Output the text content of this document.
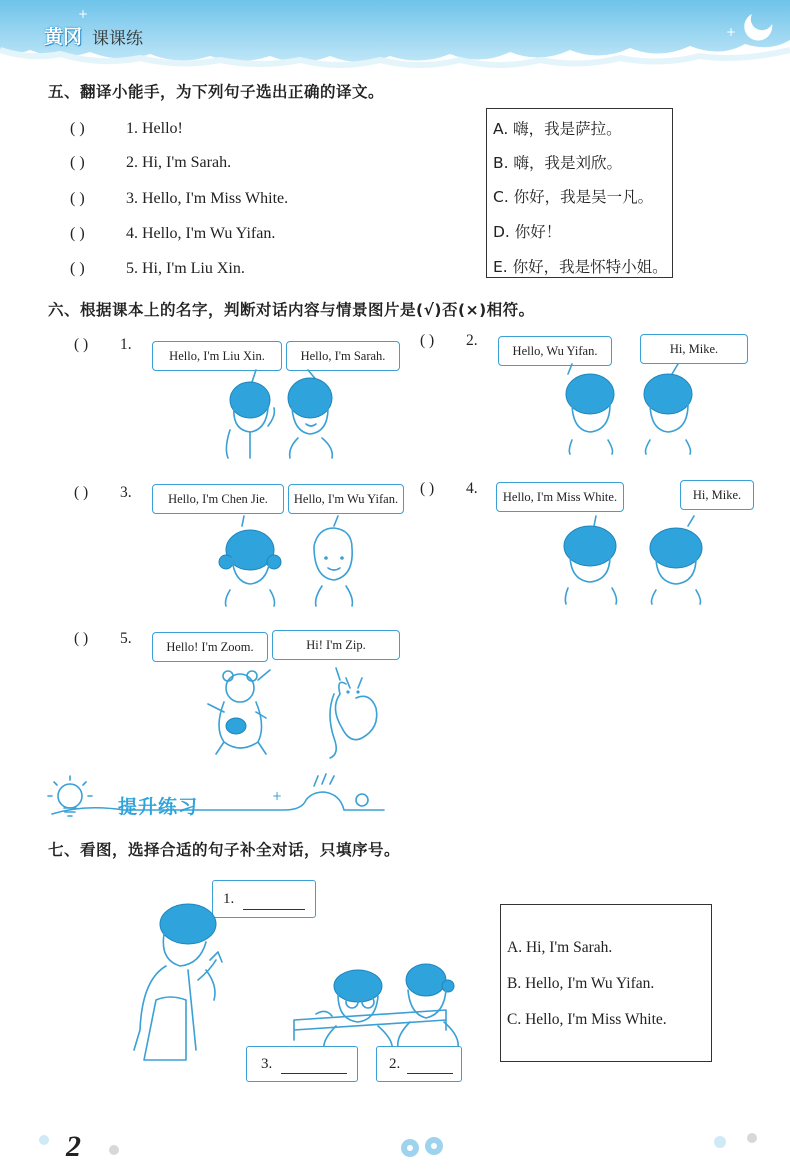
+
+
黄冈 课课练
五、翻译小能手，为下列句子选出正确的译文。
( )	1. Hello!
( )	2. Hi, I'm Sarah.
( )	3. Hello, I'm Miss White.
( )	4. Hello, I'm Wu Yifan.
( )	5. Hi, I'm Liu Xin.
A. 嗨，我是萨拉。
B. 嗨，我是刘欣。
C. 你好，我是吴一凡。
D. 你好！
E. 你好，我是怀特小姐。
六、根据课本上的名字，判断对话内容与情景图片是(√)否(×)相符。
( ) 1.
Hello, I'm Liu Xin.	Hello, I'm Sarah.
( ) 2.
Hello, Wu Yifan.	Hi, Mike.
( ) 3.	Hello, I'm Chen Jie.	Hello, I'm Wu Yifan.
( ) 4.	Hello, I'm Miss White.	Hi, Mike.
( ) 5.	Hello! I'm Zoom.	Hi! I'm Zip.
+
提升练习
七、看图，选择合适的句子补全对话，只填序号。
1.
3.	2.
A. Hi, I'm Sarah.
B. Hello, I'm Wu Yifan.
C. Hello, I'm Miss White.
2
